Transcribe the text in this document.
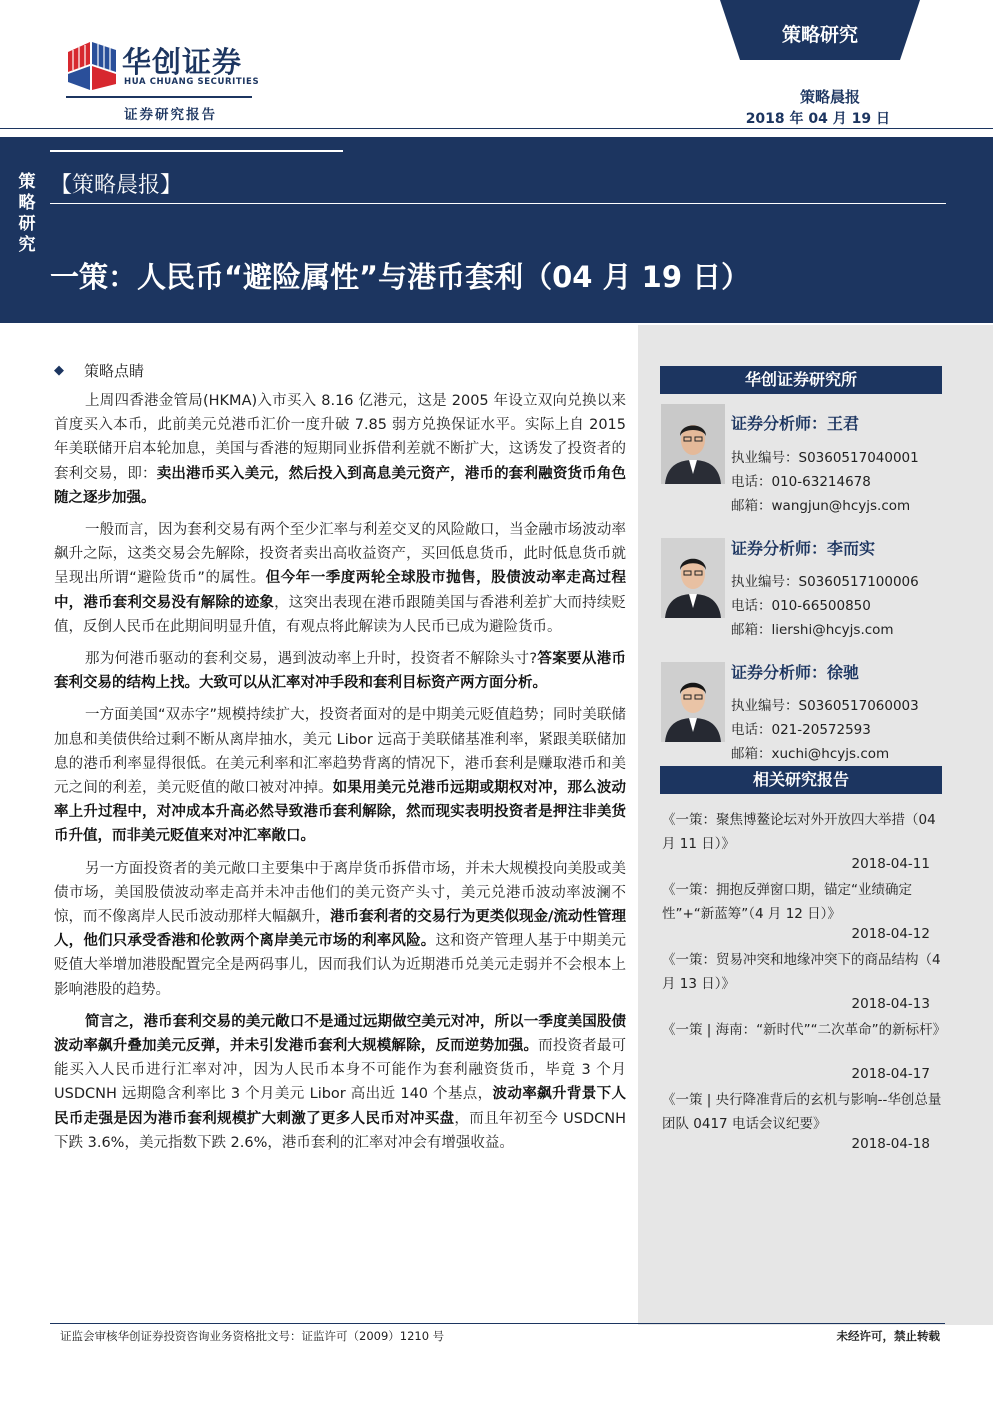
华创证券
HUA CHUANG SECURITIES
证券研究报告
策略研究
策略晨报
2018 年 04 月 19 日
策略研究
【策略晨报】
一策：人民币“避险属性”与港币套利（04 月 19 日）
◆ 策略点睛

上周四香港金管局(HKMA)入市买入 8.16 亿港元，这是 2005 年设立双向兑换以来首度买入本币，此前美元兑港币汇价一度升破 7.85 弱方兑换保证水平。实际上自 2015 年美联储开启本轮加息，美国与香港的短期同业拆借利差就不断扩大，这诱发了投资者的套利交易，即：卖出港币买入美元，然后投入到高息美元资产，港币的套利融资货币角色随之逐步加强。

一般而言，因为套利交易有两个至少汇率与利差交叉的风险敞口，当金融市场波动率飙升之际，这类交易会先解除，投资者卖出高收益资产，买回低息货币，此时低息货币就呈现出所谓“避险货币”的属性。但今年一季度两轮全球股市抛售，股债波动率走高过程中，港币套利交易没有解除的迹象，这突出表现在港币跟随美国与香港利差扩大而持续贬值，反倒人民币在此期间明显升值，有观点将此解读为人民币已成为避险货币。

那为何港币驱动的套利交易，遇到波动率上升时，投资者不解除头寸?答案要从港币套利交易的结构上找。大致可以从汇率对冲手段和套利目标资产两方面分析。

一方面美国“双赤字”规模持续扩大，投资者面对的是中期美元贬值趋势；同时美联储加息和美债供给过剩不断从离岸抽水，美元 Libor 远高于美联储基准利率，紧跟美联储加息的港币利率显得很低。在美元利率和汇率趋势背离的情况下，港币套利是赚取港币和美元之间的利差，美元贬值的敞口被对冲掉。如果用美元兑港币远期或期权对冲，那么波动率上升过程中，对冲成本升高必然导致港币套利解除，然而现实表明投资者是押注非美货币升值，而非美元贬值来对冲汇率敞口。

另一方面投资者的美元敞口主要集中于离岸货币拆借市场，并未大规模投向美股或美债市场，美国股债波动率走高并未冲击他们的美元资产头寸，美元兑港币波动率波澜不惊，而不像离岸人民币波动那样大幅飙升，港币套利者的交易行为更类似现金/流动性管理人，他们只承受香港和伦敦两个离岸美元市场的利率风险。这和资产管理人基于中期美元贬值大举增加港股配置完全是两码事儿，因而我们认为近期港币兑美元走弱并不会根本上影响港股的趋势。

简言之，港币套利交易的美元敞口不是通过远期做空美元对冲，所以一季度美国股债波动率飙升叠加美元反弹，并未引发港币套利大规模解除，反而逆势加强。而投资者最可能买入人民币进行汇率对冲，因为人民币本身不可能作为套利融资货币，毕竟 3 个月 USDCNH 远期隐含利率比 3 个月美元 Libor 高出近 140 个基点，波动率飙升背景下人民币走强是因为港币套利规模扩大刺激了更多人民币对冲买盘，而且年初至今 USDCNH 下跌 3.6%，美元指数下跌 2.6%，港币套利的汇率对冲会有增强收益。

华创证券研究所
证券分析师：王君
执业编号：S0360517040001
电话：010-63214678
邮箱：wangjun@hcyjs.com
证券分析师：李而实
执业编号：S0360517100006
电话：010-66500850
邮箱：liershi@hcyjs.com
证券分析师：徐驰
执业编号：S0360517060003
电话：021-20572593
邮箱：xuchi@hcyjs.com
相关研究报告
《一策：聚焦博鳌论坛对外开放四大举措（04 月 11 日）》
2018-04-11
《一策：拥抱反弹窗口期，锚定“业绩确定性”+“新蓝筹”（4 月 12 日）》
2018-04-12
《一策：贸易冲突和地缘冲突下的商品结构（4 月 13 日）》
2018-04-13
《一策 | 海南：“新时代”“二次革命”的新标杆》
2018-04-17
《一策 | 央行降准背后的玄机与影响--华创总量团队 0417 电话会议纪要》
2018-04-18
证监会审核华创证券投资咨询业务资格批文号：证监许可（2009）1210 号	未经许可，禁止转载
